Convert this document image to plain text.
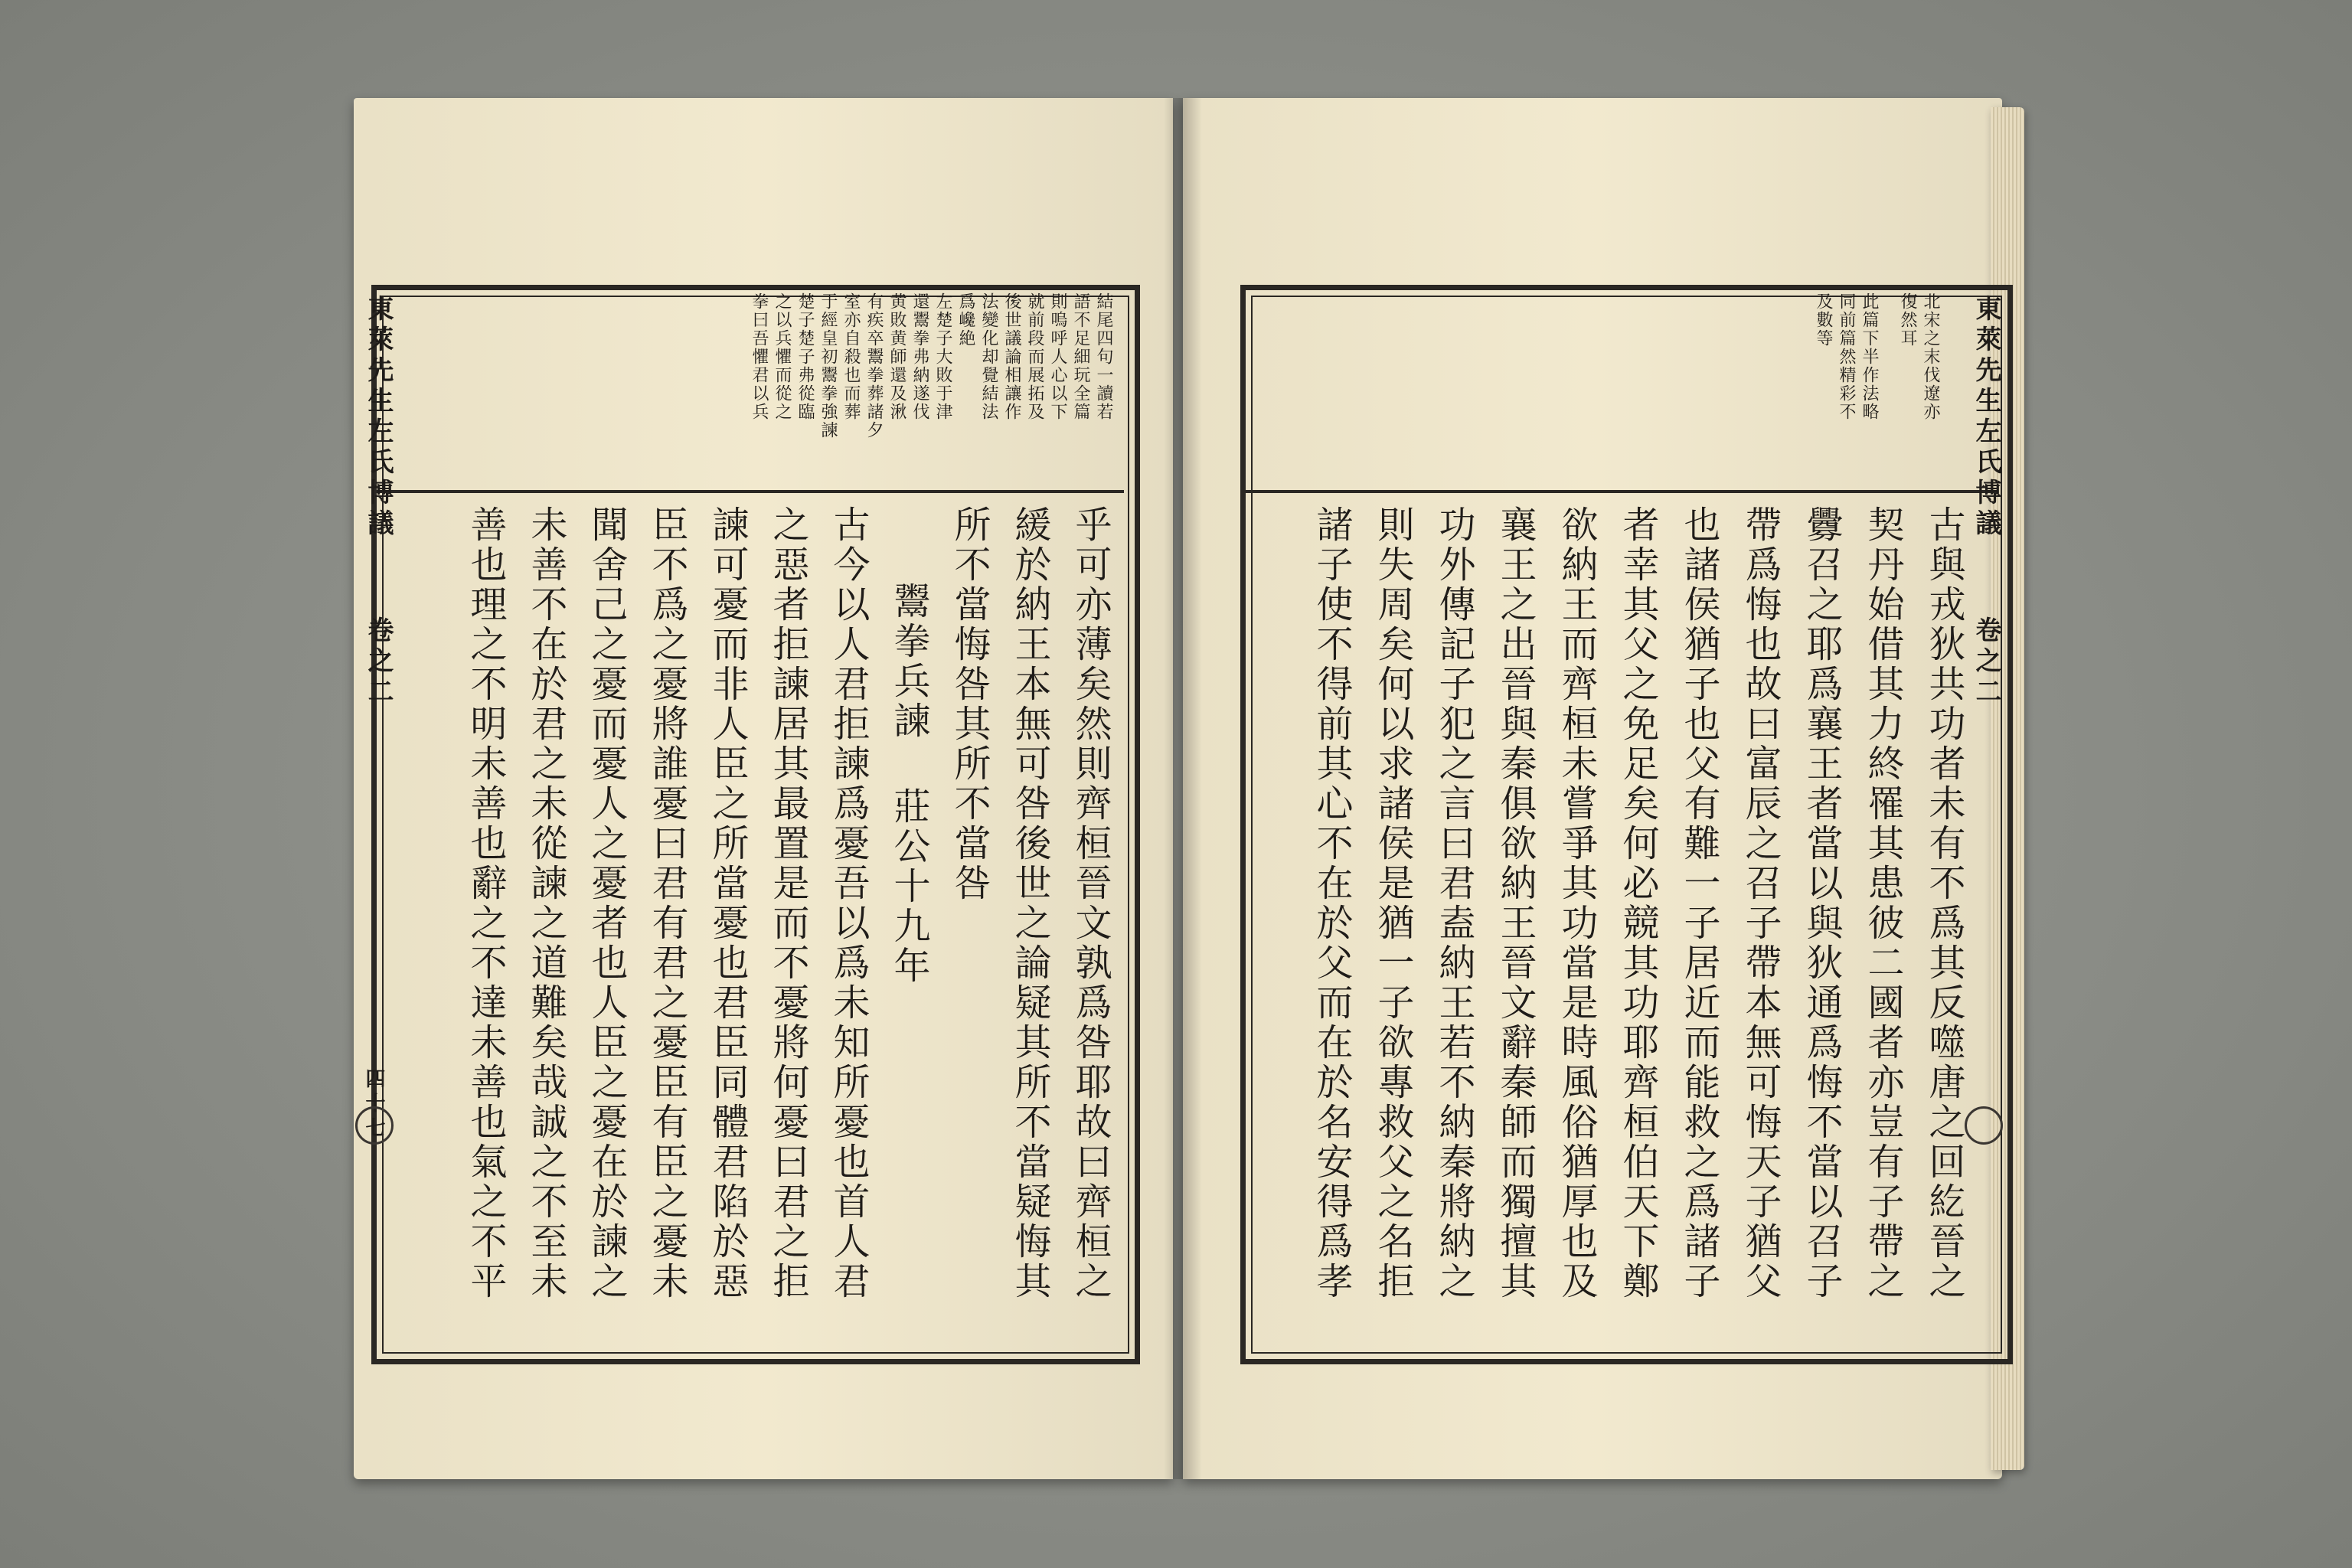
東萊先生左氏博議
卷之二
四十七
東萊先生左氏博議
卷之二
結尾四句一讀若
語不足細玩全篇
則嗚呼人心以下
就前段而展拓及
後世議論相讓作
法變化却覺結法
爲巉絶
左楚子大敗于津
還鬻拳弗納遂伐
黄敗黄師還及湫
有疾卒鬻拳葬諸夕
室亦自殺也而葬
于經皇初鬻拳強諫
楚子楚子弗從臨
之以兵懼而從之
拳曰吾懼君以兵
乎可亦薄矣然則齊桓晉文孰爲咎耶故曰齊桓之
緩於納王本無可咎後世之論疑其所不當疑悔其
所不當悔咎其所不當咎
鬻拳兵諫 莊公十九年
古今以人君拒諫爲憂吾以爲未知所憂也首人君
之惡者拒諫居其最置是而不憂將何憂曰君之拒
諫可憂而非人臣之所當憂也君臣同體君陷於惡
臣不爲之憂將誰憂曰君有君之憂臣有臣之憂未
聞舍己之憂而憂人之憂者也人臣之憂在於諫之
未善不在於君之未從諫之道難矣哉誠之不至未
善也理之不明未善也辭之不達未善也氣之不平
北宋之末伐遼亦
復然耳
此篇下半作法略
同前篇然精彩不
及數等
古與戎狄共功者未有不爲其反噬唐之回紇晉之
契丹始借其力終罹其患彼二國者亦豈有子帶之
釁召之耶爲襄王者當以與狄通爲悔不當以召子
帶爲悔也故曰富辰之召子帶本無可悔天子猶父
也諸侯猶子也父有難一子居近而能救之爲諸子
者幸其父之免足矣何必競其功耶齊桓伯天下鄭
欲納王而齊桓未嘗爭其功當是時風俗猶厚也及
襄王之出晉與秦俱欲納王晉文辭秦師而獨擅其
功外傳記子犯之言曰君盍納王若不納秦將納之
則失周矣何以求諸侯是猶一子欲專救父之名拒
諸子使不得前其心不在於父而在於名安得爲孝
